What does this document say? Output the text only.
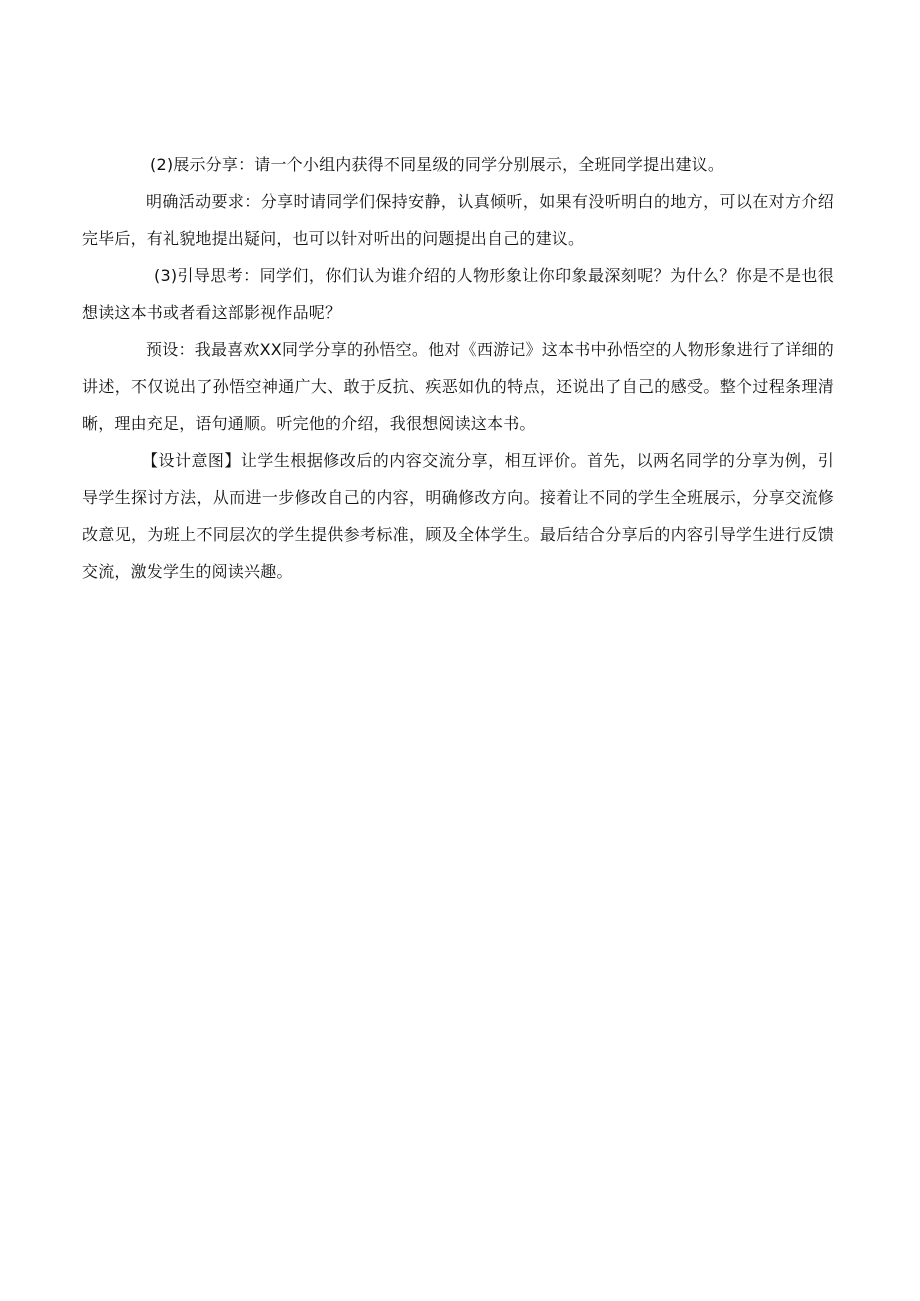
(2)展示分享：请一个小组内获得不同星级的同学分别展示，全班同学提出建议。

明确活动要求：分享时请同学们保持安静，认真倾听，如果有没听明白的地方，可以在对方介绍完毕后，有礼貌地提出疑问，也可以针对听出的问题提出自己的建议。

(3)引导思考：同学们，你们认为谁介绍的人物形象让你印象最深刻呢？为什么？你是不是也很想读这本书或者看这部影视作品呢？

预设：我最喜欢XX同学分享的孙悟空。他对《西游记》这本书中孙悟空的人物形象进行了详细的讲述，不仅说出了孙悟空神通广大、敢于反抗、疾恶如仇的特点，还说出了自己的感受。整个过程条理清晰，理由充足，语句通顺。听完他的介绍，我很想阅读这本书。

【设计意图】让学生根据修改后的内容交流分享，相互评价。首先，以两名同学的分享为例，引导学生探讨方法，从而进一步修改自己的内容，明确修改方向。接着让不同的学生全班展示，分享交流修改意见，为班上不同层次的学生提供参考标准，顾及全体学生。最后结合分享后的内容引导学生进行反馈交流，激发学生的阅读兴趣。
